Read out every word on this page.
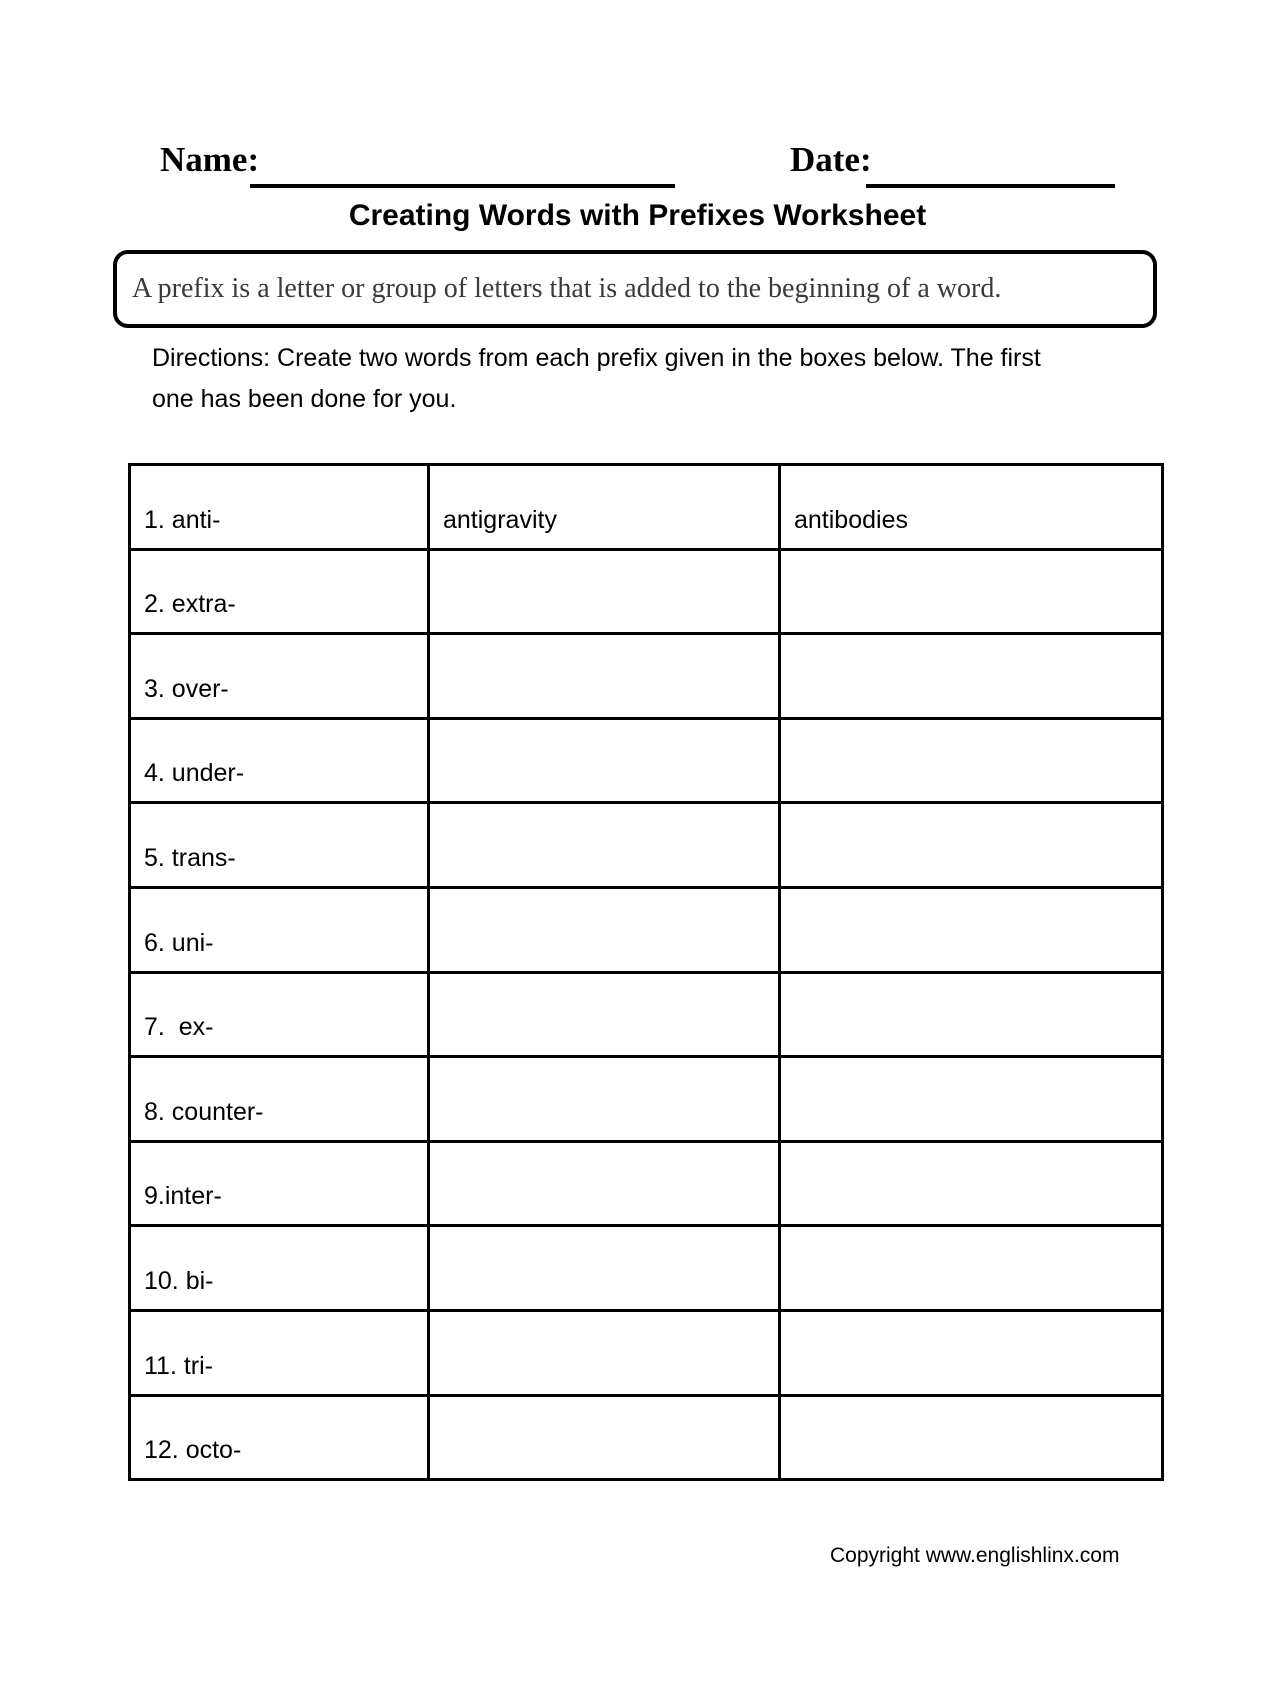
Name:	Date:
Creating Words with Prefixes Worksheet
A prefix is a letter or group of letters that is added to the beginning of a word.
Directions: Create two words from each prefix given in the boxes below. The first
one has been done for you.
1. anti-	antigravity	antibodies
2. extra-		
3. over-		
4. under-		
5. trans-		
6. uni-		
7.  ex-		
8. counter-		
9.inter-		
10. bi-		
11. tri-		
12. octo-		
Copyright www.englishlinx.com
